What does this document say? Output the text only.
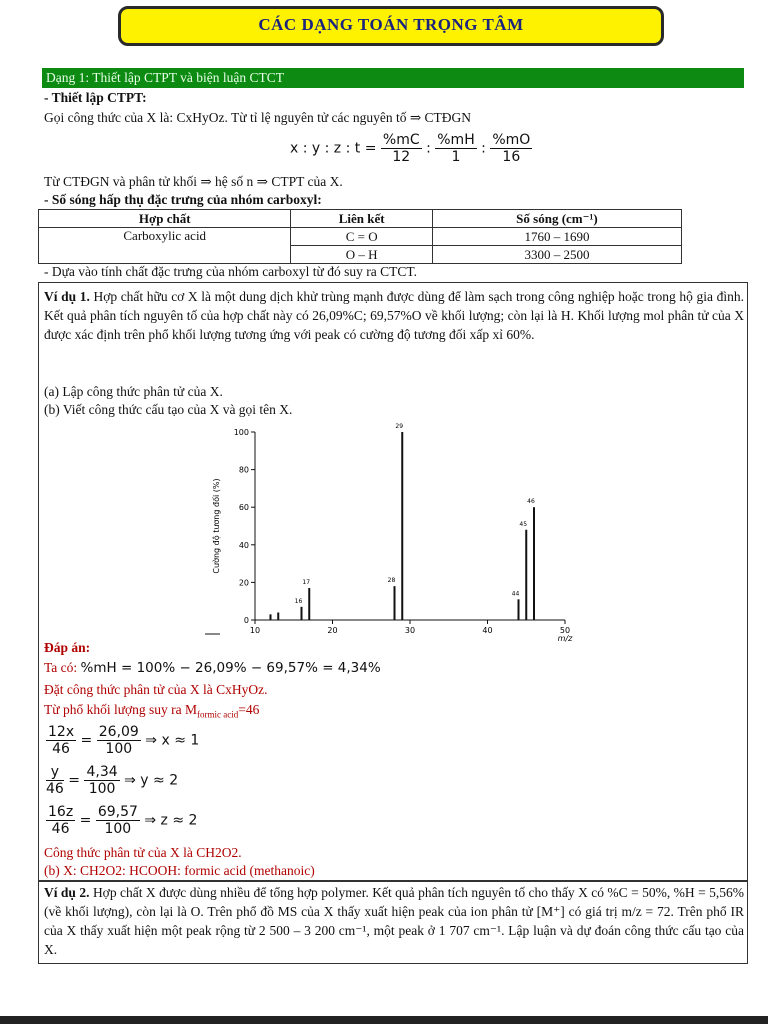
CÁC DẠNG TOÁN TRỌNG TÂM
Dạng 1: Thiết lập CTPT và biện luận CTCT
- Thiết lập CTPT:
Gọi công thức của X là: CxHyOz. Từ tỉ lệ nguyên tử các nguyên tố ⇒ CTĐGN
x : y : z : $t = \frac{\%mC}{12}$ : $\frac{\%mH}{1}$ : $\frac{\%mO}{16}$
Từ CTĐGN và phân tử khối ⇒ hệ số n ⇒ CTPT của X.
- Số sóng hấp thụ đặc trưng của nhóm carboxyl:
Hợp chất	Liên kết	Số sóng (cm⁻¹)
Carboxylic acid	C = O	1760 – 1690
	O – H	3300 – 2500
- Dựa vào tính chất đặc trưng của nhóm carboxyl từ đó suy ra CTCT.
Ví dụ 1. Hợp chất hữu cơ X là một dung dịch khử trùng mạnh được dùng để làm sạch trong công nghiệp hoặc trong hộ gia đình. Kết quả phân tích nguyên tố của hợp chất này có 26,09%C; 69,57%O về khối lượng; còn lại là H. Khối lượng mol phân tử của X được xác định trên phổ khối lượng tương ứng với peak có cường độ tương đối xấp xỉ 60%.
(a) Lập công thức phân tử của X.
(b) Viết công thức cấu tạo của X và gọi tên X.
0
20
40
60
80
100
10	20	30	40	50
m/z
Cường độ tương đối (%)
16
17	28
29
44
45
46
Đáp án:
Ta có: %mH = 100% − 26,09% − 69,57% = 4,34%
Đặt công thức phân tử của X là CxHyOz.
Từ phổ khối lượng suy ra $M_{formic acid}=46$
$\frac{12x}{46} = \frac{26,09}{100}$ ⇒ x ≈ 1
$\frac{y}{46} = \frac{4,34}{100}$ ⇒ y ≈ 2
$\frac{16z}{46} = \frac{69,57}{100}$ ⇒ z ≈ 2
Công thức phân tử của X là CH2O2.
(b) X: CH2O2: HCOOH: formic acid (methanoic)
Ví dụ 2. Hợp chất X được dùng nhiều để tổng hợp polymer. Kết quả phân tích nguyên tố cho thấy X có %C = 50%, %H = 5,56% (về khối lượng), còn lại là O. Trên phổ đồ MS của X thấy xuất hiện peak của ion phân tử [M⁺] có giá trị m/z = 72. Trên phổ IR của X thấy xuất hiện một peak rộng từ 2 500 – 3 200 cm⁻¹, một peak ở 1 707 cm⁻¹. Lập luận và dự đoán công thức cấu tạo của X.
